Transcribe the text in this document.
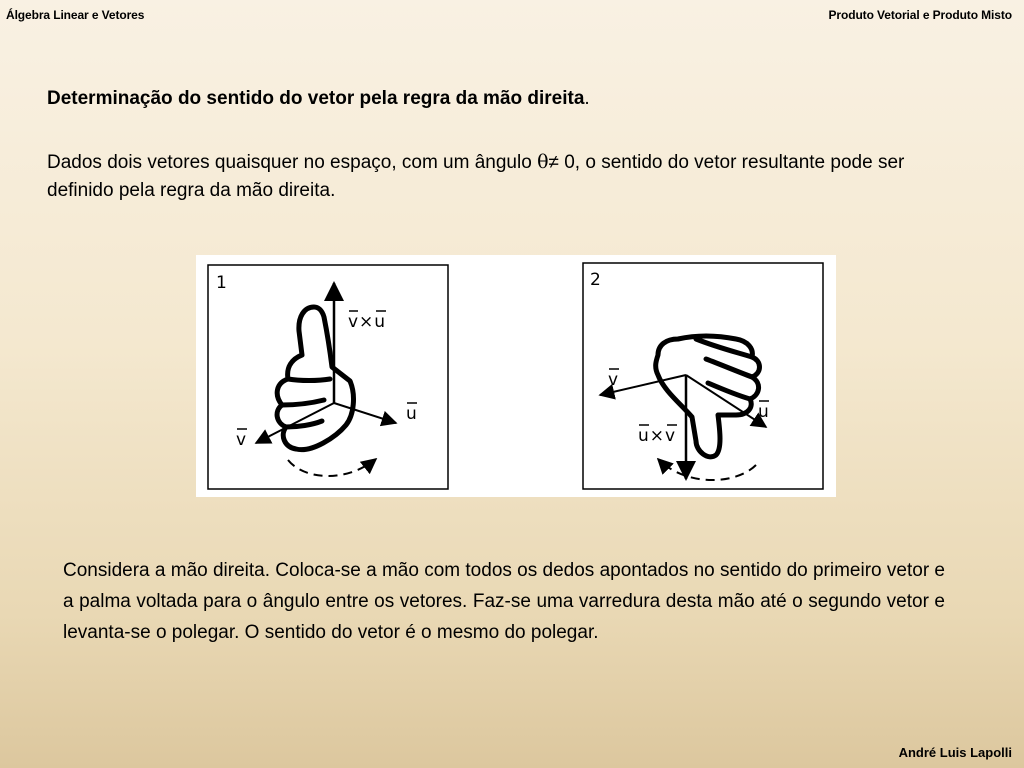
Álgebra Linear e Vetores	Produto Vetorial e Produto Misto

Determinação do sentido do vetor pela regra da mão direita.

Dados dois vetores quaisquer no espaço, com um ângulo θ≠ 0, o sentido do vetor resultante pode ser definido pela regra da mão direita.

1
v×u
u
v
2
v
u
u×v

Considera a mão direita. Coloca-se a mão com todos os dedos apontados no sentido do primeiro vetor e a palma voltada para o ângulo entre os vetores. Faz-se uma varredura desta mão até o segundo vetor e levanta-se o polegar. O sentido do vetor é o mesmo do polegar.

André Luis Lapolli
